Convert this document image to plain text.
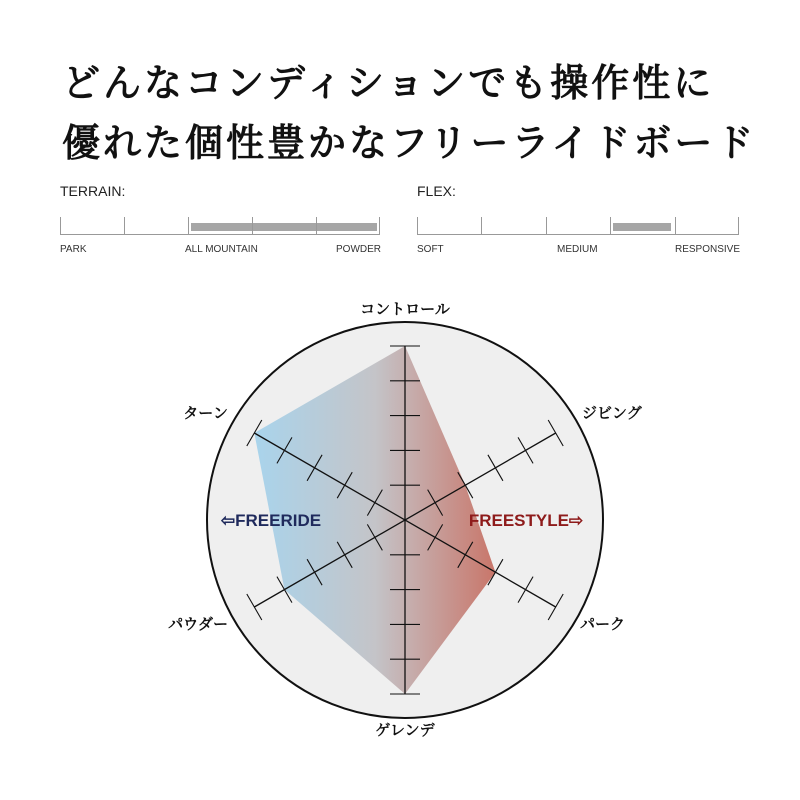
どんなコンディションでも操作性に
優れた個性豊かなフリーライドボード
TERRAIN:
PARK	ALL MOUNTAIN	POWDER
FLEX:
SOFT	MEDIUM	RESPONSIVE
コントロール
ジビング
パーク
ゲレンデ
パウダー
ターン
⇦FREERIDE	FREESTYLE⇨
